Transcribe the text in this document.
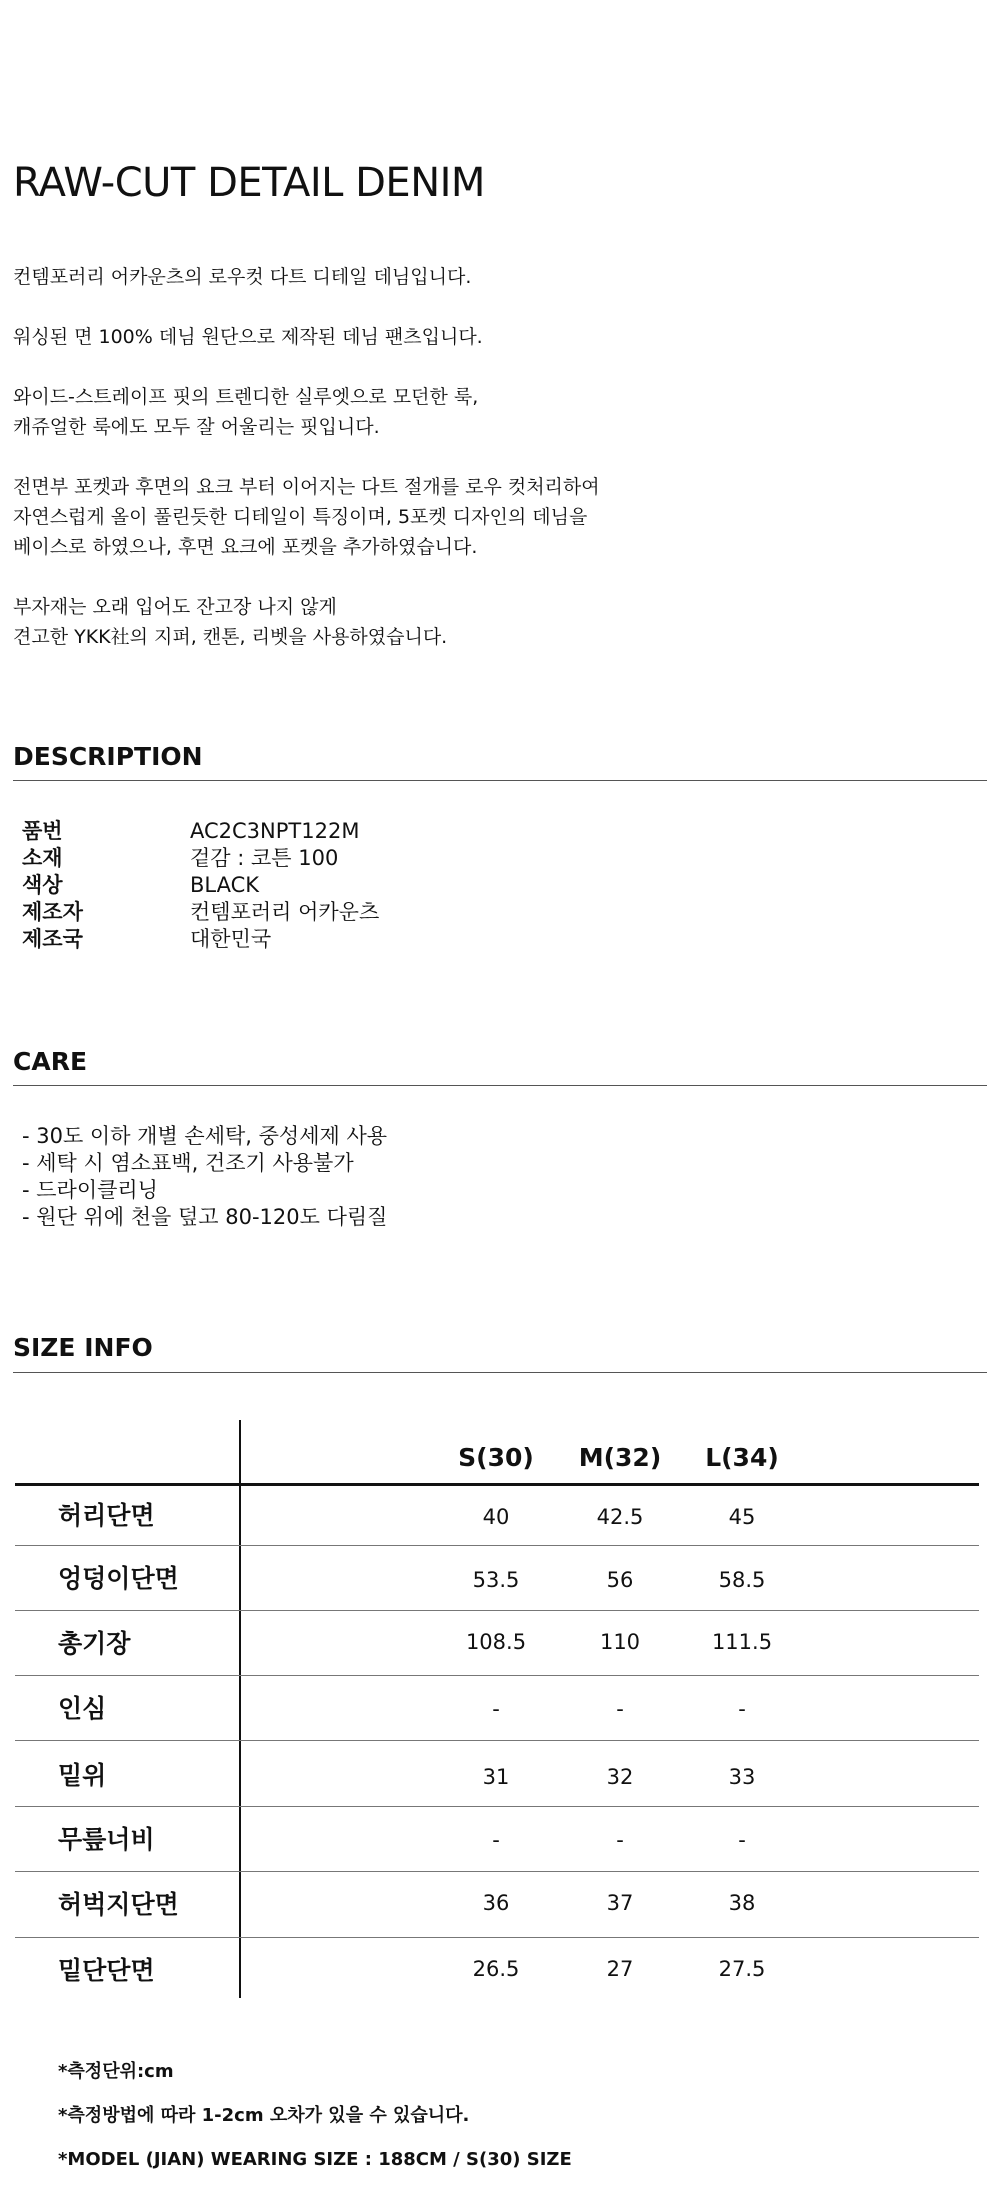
RAW-CUT DETAIL DENIM

컨템포러리 어카운츠의 로우컷 다트 디테일 데님입니다.

워싱된 면 100% 데님 원단으로 제작된 데님 팬츠입니다.

와이드-스트레이프 핏의 트렌디한 실루엣으로 모던한 룩,

캐쥬얼한 룩에도 모두 잘 어울리는 핏입니다.

전면부 포켓과 후면의 요크 부터 이어지는 다트 절개를 로우 컷처리하여

자연스럽게 올이 풀린듯한 디테일이 특징이며, 5포켓 디자인의 데님을

베이스로 하였으나, 후면 요크에 포켓을 추가하였습니다.

부자재는 오래 입어도 잔고장 나지 않게

견고한 YKK社의 지퍼, 캔톤, 리벳을 사용하였습니다.

DESCRIPTION
품번	AC2C3NPT122M
소재	겉감 : 코튼 100
색상	BLACK
제조자	컨템포러리 어카운츠
제조국	대한민국
CARE
- 30도 이하 개별 손세탁, 중성세제 사용
- 세탁 시 염소표백, 건조기 사용불가
- 드라이클리닝
- 원단 위에 천을 덮고 80-120도 다림질
SIZE INFO
S(30)	M(32)	L(34)
허리단면	40	42.5	45
엉덩이단면	53.5	56	58.5
총기장	108.5	110	111.5
인심	-	-	-
밑위	31	32	33
무릎너비	-	-	-
허벅지단면	36	37	38
밑단단면	26.5	27	27.5
*측정단위:cm
*측정방법에 따라 1-2cm 오차가 있을 수 있습니다.
*MODEL (JIAN) WEARING SIZE : 188CM / S(30) SIZE
